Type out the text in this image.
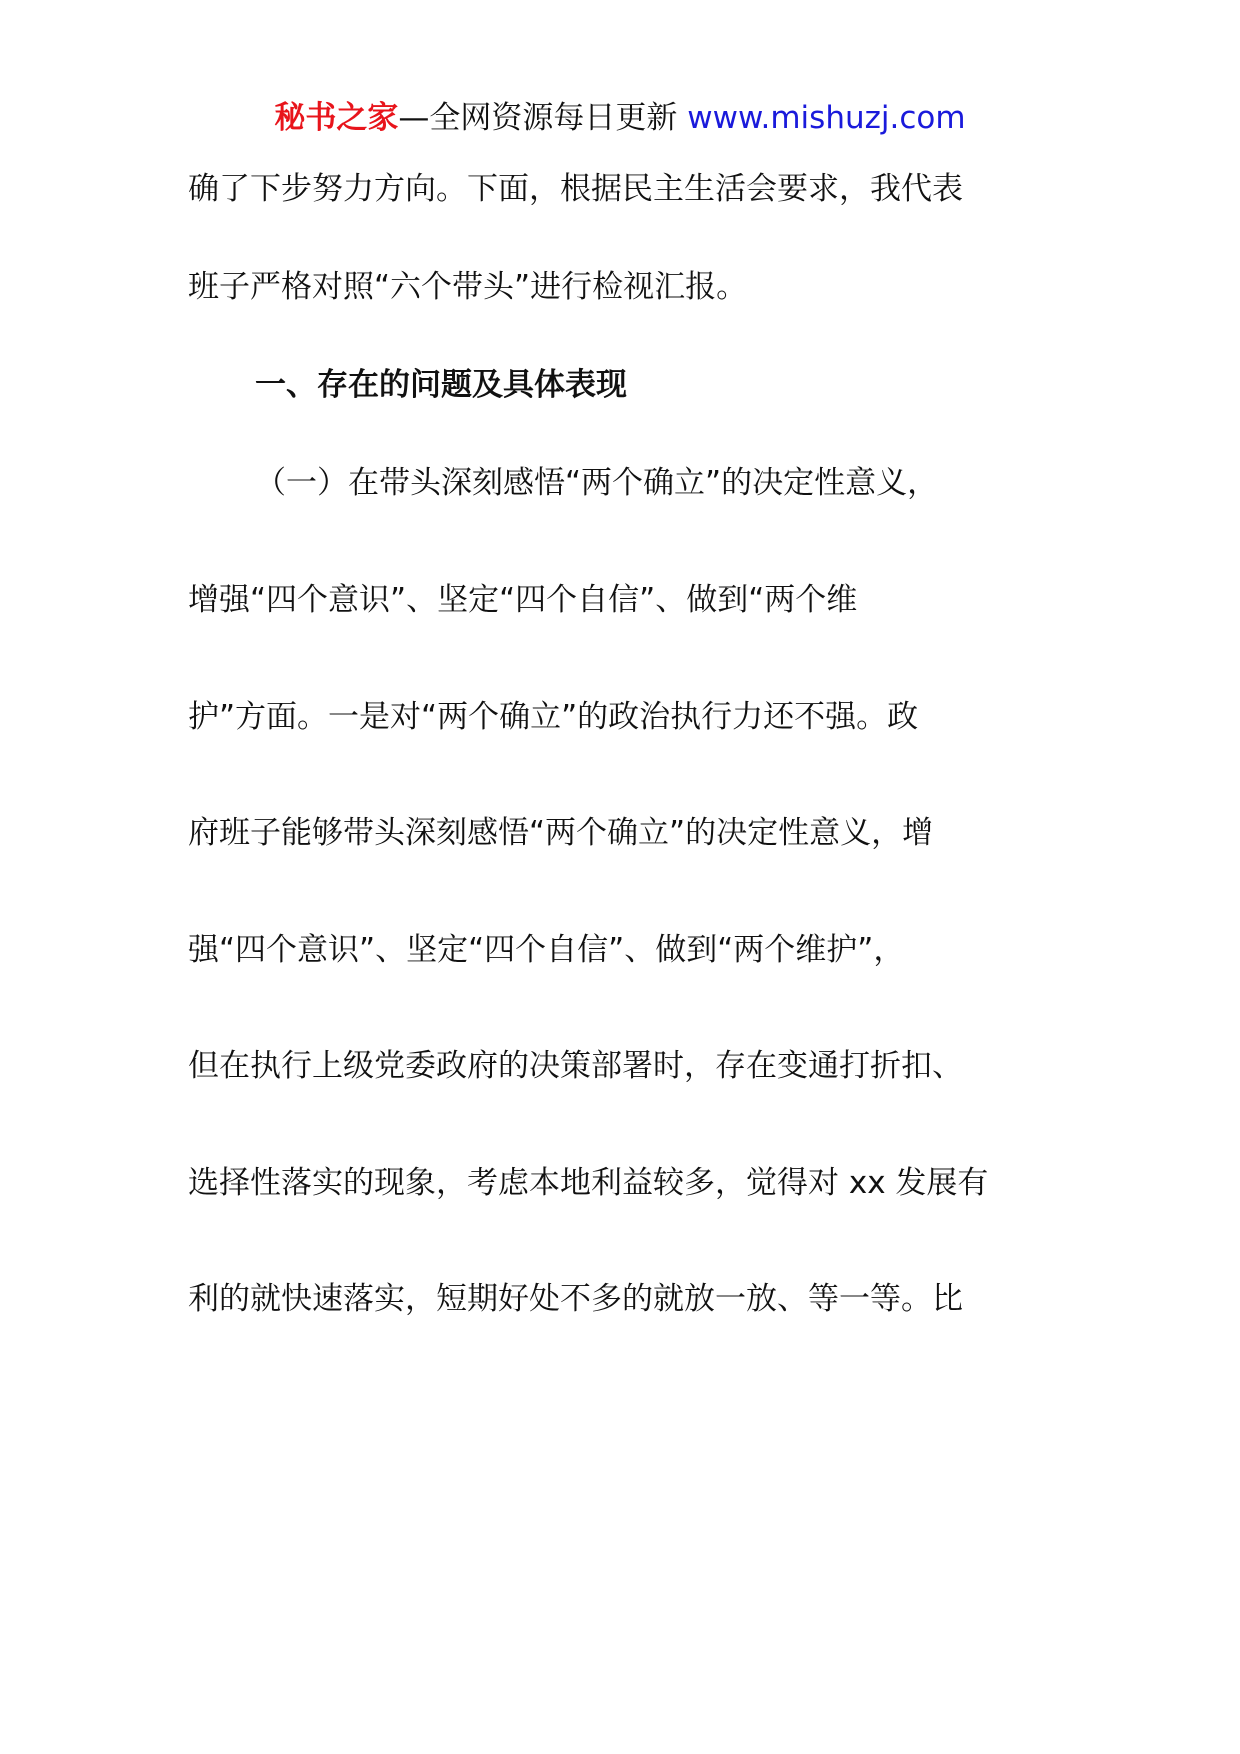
秘书之家—全网资源每日更新 www.mishuzj.com
确了下步努力方向。下面，根据民主生活会要求，我代表
班子严格对照“六个带头”进行检视汇报。
一、存在的问题及具体表现
（一）在带头深刻感悟“两个确立”的决定性意义，
增强“四个意识”、坚定“四个自信”、做到“两个维
护”方面。一是对“两个确立”的政治执行力还不强。政
府班子能够带头深刻感悟“两个确立”的决定性意义，增
强“四个意识”、坚定“四个自信”、做到“两个维护”，
但在执行上级党委政府的决策部署时，存在变通打折扣、
选择性落实的现象，考虑本地利益较多，觉得对 xx 发展有
利的就快速落实，短期好处不多的就放一放、等一等。比
